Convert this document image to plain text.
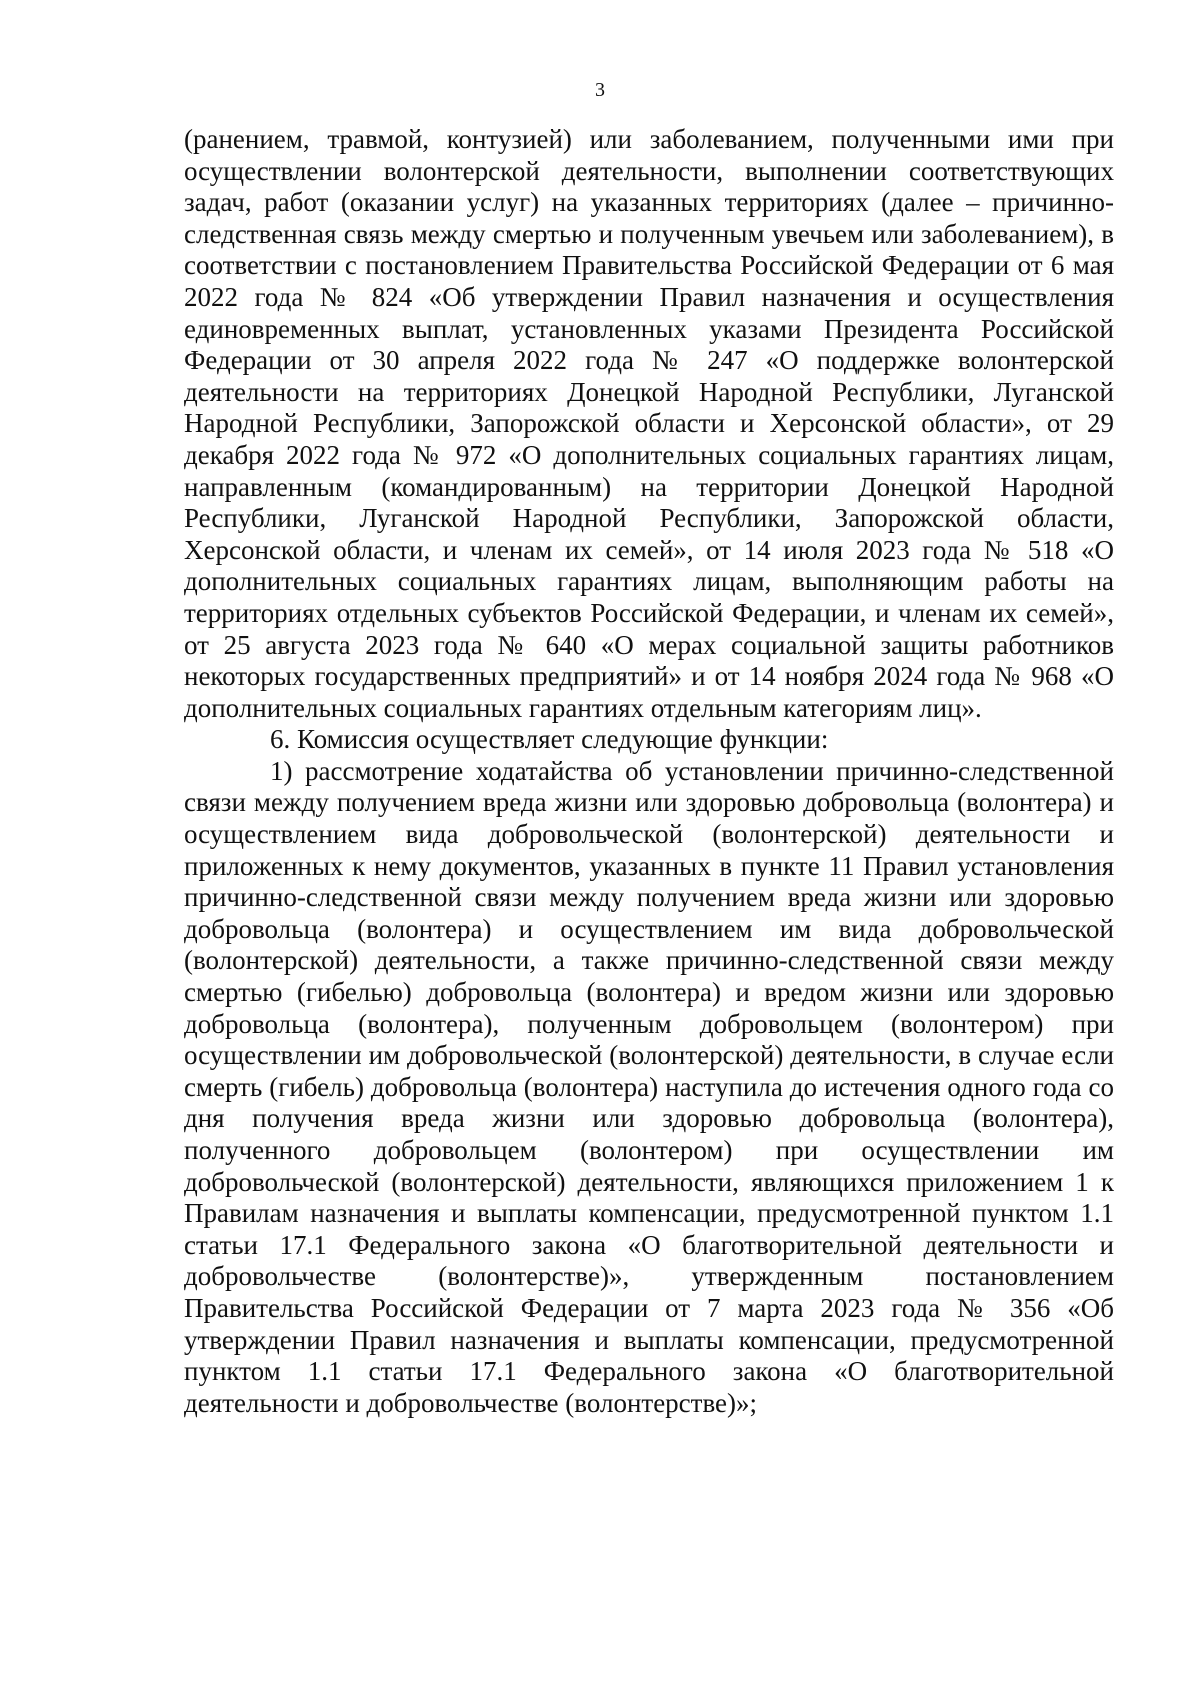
3

(ранением, травмой, контузией) или заболеванием, полученными ими при осуществлении волонтерской деятельности, выполнении соответствующих задач, работ (оказании услуг) на указанных территориях (далее – причинно-следственная связь между смертью и полученным увечьем или заболеванием), в соответствии с постановлением Правительства Российской Федерации от 6 мая 2022 года № 824 «Об утверждении Правил назначения и осуществления единовременных выплат, установленных указами Президента Российской Федерации от 30 апреля 2022 года № 247 «О поддержке волонтерской деятельности на территориях Донецкой Народной Республики, Луганской Народной Республики, Запорожской области и Херсонской области», от 29 декабря 2022 года № 972 «О дополнительных социальных гарантиях лицам, направленным (командированным) на территории Донецкой Народной Республики, Луганской Народной Республики, Запорожской области, Херсонской области, и членам их семей», от 14 июля 2023 года № 518 «О дополнительных социальных гарантиях лицам, выполняющим работы на территориях отдельных субъектов Российской Федерации, и членам их семей», от 25 августа 2023 года № 640 «О мерах социальной защиты работников некоторых государственных предприятий» и от 14 ноября 2024 года № 968 «О дополнительных социальных гарантиях отдельным категориям лиц».

6. Комиссия осуществляет следующие функции:

1) рассмотрение ходатайства об установлении причинно-следственной связи между получением вреда жизни или здоровью добровольца (волонтера) и осуществлением вида добровольческой (волонтерской) деятельности и приложенных к нему документов, указанных в пункте 11 Правил установления причинно-следственной связи между получением вреда жизни или здоровью добровольца (волонтера) и осуществлением им вида добровольческой (волонтерской) деятельности, а также причинно-следственной связи между смертью (гибелью) добровольца (волонтера) и вредом жизни или здоровью добровольца (волонтера), полученным добровольцем (волонтером) при осуществлении им добровольческой (волонтерской) деятельности, в случае если смерть (гибель) добровольца (волонтера) наступила до истечения одного года со дня получения вреда жизни или здоровью добровольца (волонтера), полученного добровольцем (волонтером) при осуществлении им добровольческой (волонтерской) деятельности, являющихся приложением 1 к Правилам назначения и выплаты компенсации, предусмотренной пунктом 1.1 статьи 17.1 Федерального закона «О благотворительной деятельности и добровольчестве (волонтерстве)», утвержденным постановлением Правительства Российской Федерации от 7 марта 2023 года № 356 «Об утверждении Правил назначения и выплаты компенсации, предусмотренной пунктом 1.1 статьи 17.1 Федерального закона «О благотворительной деятельности и добровольчестве (волонтерстве)»;
